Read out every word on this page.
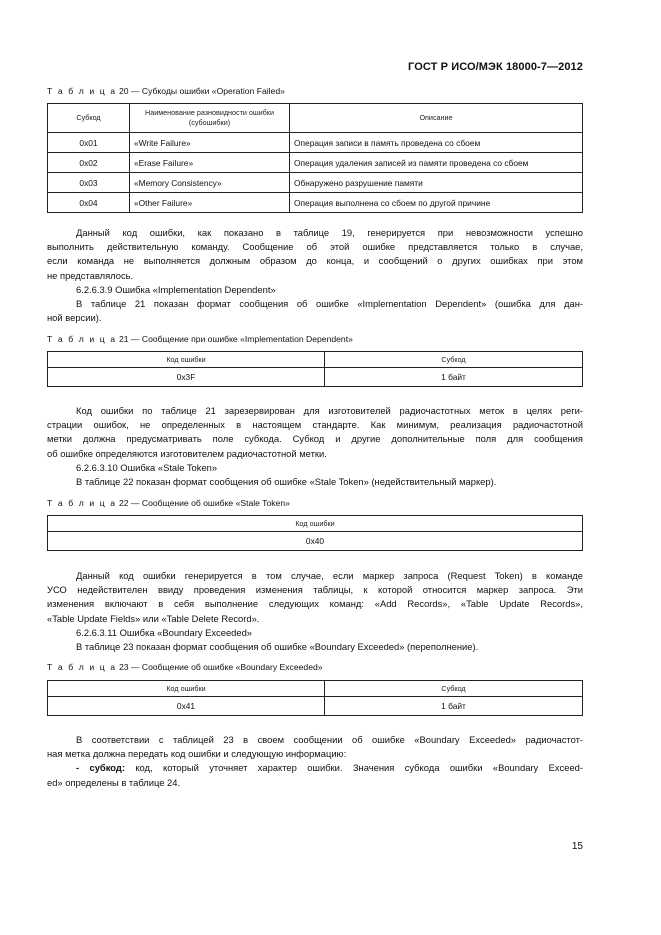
ГОСТ Р ИСО/МЭК 18000-7—2012
Т а б л и ц а 20 — Субкоды ошибки «Operation Failed»
Субкод	Наименование разновидности ошибки (субошибки)	Описание
0x01	«Write Failure»	Операция записи в память проведена со сбоем
0x02	«Erase Failure»	Операция удаления записей из памяти проведена со сбоем
0x03	«Memory Consistency»	Обнаружено разрушение памяти
0x04	«Other Failure»	Операция выполнена со сбоем по другой причине
Данный код ошибки, как показано в таблице 19, генерируется при невозможности успешно
выполнить действительную команду. Сообщение об этой ошибке представляется только в случае,
если команда не выполняется должным образом до конца, и сообщений о других ошибках при этом
не представлялось.
6.2.6.3.9 Ошибка «Implementation Dependent»
В таблице 21 показан формат сообщения об ошибке «Implementation Dependent» (ошибка для дан-
ной версии).
Т а б л и ц а 21 — Сообщение при ошибке «Implementation Dependent»
Код ошибки	Субкод
0x3F	1 байт
Код ошибки по таблице 21 зарезервирован для изготовителей радиочастотных меток в целях реги-
страции ошибок, не определенных в настоящем стандарте. Как минимум, реализация радиочастотной
метки должна предусматривать поле субкода. Субкод и другие дополнительные поля для сообщения
об ошибке определяются изготовителем радиочастотной метки.
6.2.6.3.10 Ошибка «Stale Token»
В таблице 22 показан формат сообщения об ошибке «Stale Token» (недействительный маркер).
Т а б л и ц а 22 — Сообщение об ошибке «Stale Token»
Код ошибки
0x40
Данный код ошибки генерируется в том случае, если маркер запроса (Request Token) в команде
УСО недействителен ввиду проведения изменения таблицы, к которой относится маркер запроса. Эти
изменения включают в себя выполнение следующих команд: «Add Records», «Table Update Records»,
«Table Update Fields» или «Table Delete Record».
6.2.6.3.11 Ошибка «Boundary Exceeded»
В таблице 23 показан формат сообщения об ошибке «Boundary Exceeded» (переполнение).
Т а б л и ц а 23 — Сообщение об ошибке «Boundary Exceeded»
Код ошибки	Субкод
0x41	1 байт
В соответствии с таблицей 23 в своем сообщении об ошибке «Boundary Exceeded» радиочастот-
ная метка должна передать код ошибки и следующую информацию:
- субкод: код, который уточняет характер ошибки. Значения субкода ошибки «Boundary Exceed-
ed» определены в таблице 24.
15
